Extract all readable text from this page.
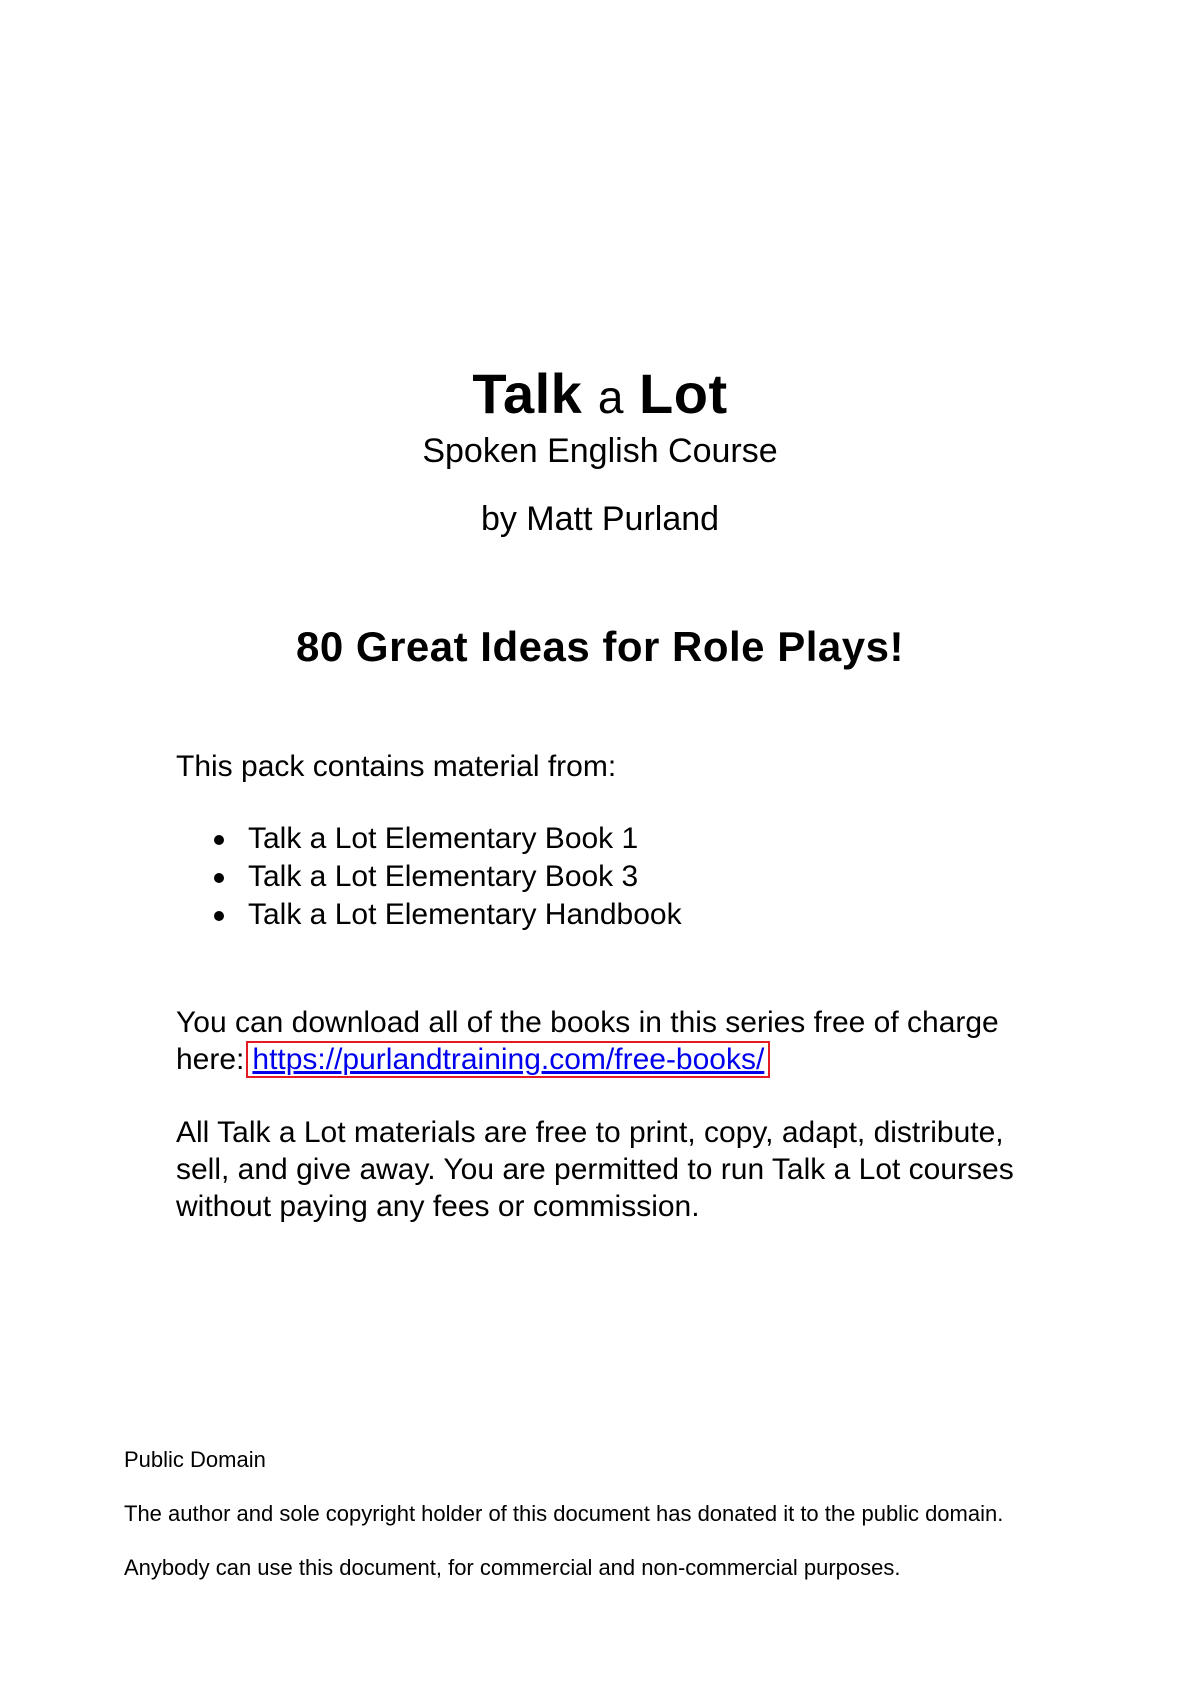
Talk a Lot
Spoken English Course
by Matt Purland
80 Great Ideas for Role Plays!
This pack contains material from:
Talk a Lot Elementary Book 1
Talk a Lot Elementary Book 3
Talk a Lot Elementary Handbook
You can download all of the books in this series free of charge here: https://purlandtraining.com/free-books/
All Talk a Lot materials are free to print, copy, adapt, distribute, sell, and give away. You are permitted to run Talk a Lot courses without paying any fees or commission.
Public Domain
The author and sole copyright holder of this document has donated it to the public domain.
Anybody can use this document, for commercial and non-commercial purposes.
